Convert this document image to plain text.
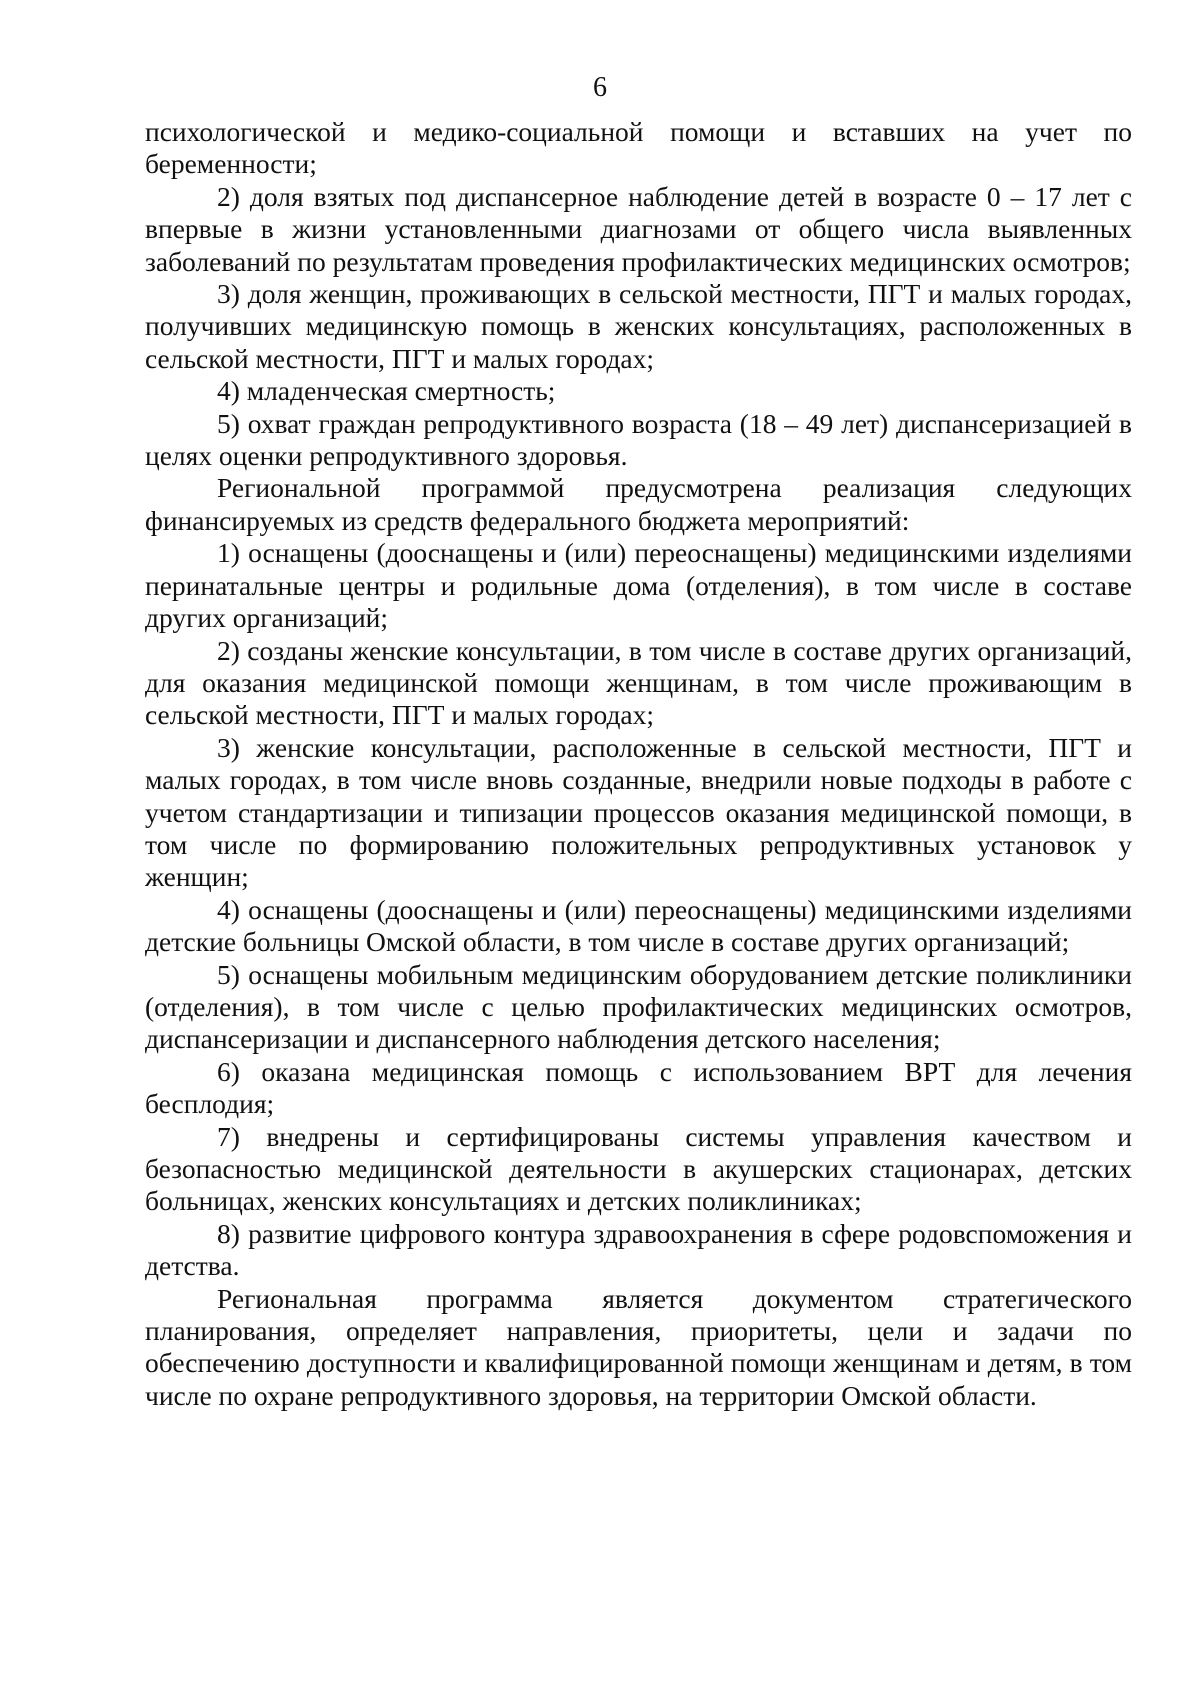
6

психологической и медико-социальной помощи и вставших на учет по беременности;

2) доля взятых под диспансерное наблюдение детей в возрасте 0 – 17 лет с впервые в жизни установленными диагнозами от общего числа выявленных заболеваний по результатам проведения профилактических медицинских осмотров;

3) доля женщин, проживающих в сельской местности, ПГТ и малых городах, получивших медицинскую помощь в женских консультациях, расположенных в сельской местности, ПГТ и малых городах;

4) младенческая смертность;

5) охват граждан репродуктивного возраста (18 – 49 лет) диспансеризацией в целях оценки репродуктивного здоровья.

Региональной программой предусмотрена реализация следующих финансируемых из средств федерального бюджета мероприятий:

1) оснащены (дооснащены и (или) переоснащены) медицинскими изделиями перинатальные центры и родильные дома (отделения), в том числе в составе других организаций;

2) созданы женские консультации, в том числе в составе других организаций, для оказания медицинской помощи женщинам, в том числе проживающим в сельской местности, ПГТ и малых городах;

3) женские консультации, расположенные в сельской местности, ПГТ и малых городах, в том числе вновь созданные, внедрили новые подходы в работе с учетом стандартизации и типизации процессов оказания медицинской помощи, в том числе по формированию положительных репродуктивных установок у женщин;

4) оснащены (дооснащены и (или) переоснащены) медицинскими изделиями детские больницы Омской области, в том числе в составе других организаций;

5) оснащены мобильным медицинским оборудованием детские поликлиники (отделения), в том числе с целью профилактических медицинских осмотров, диспансеризации и диспансерного наблюдения детского населения;

6) оказана медицинская помощь с использованием ВРТ для лечения бесплодия;

7) внедрены и сертифицированы системы управления качеством и безопасностью медицинской деятельности в акушерских стационарах, детских больницах, женских консультациях и детских поликлиниках;

8) развитие цифрового контура здравоохранения в сфере родовспоможения и детства.

Региональная программа является документом стратегического планирования, определяет направления, приоритеты, цели и задачи по обеспечению доступности и квалифицированной помощи женщинам и детям, в том числе по охране репродуктивного здоровья, на территории Омской области.
